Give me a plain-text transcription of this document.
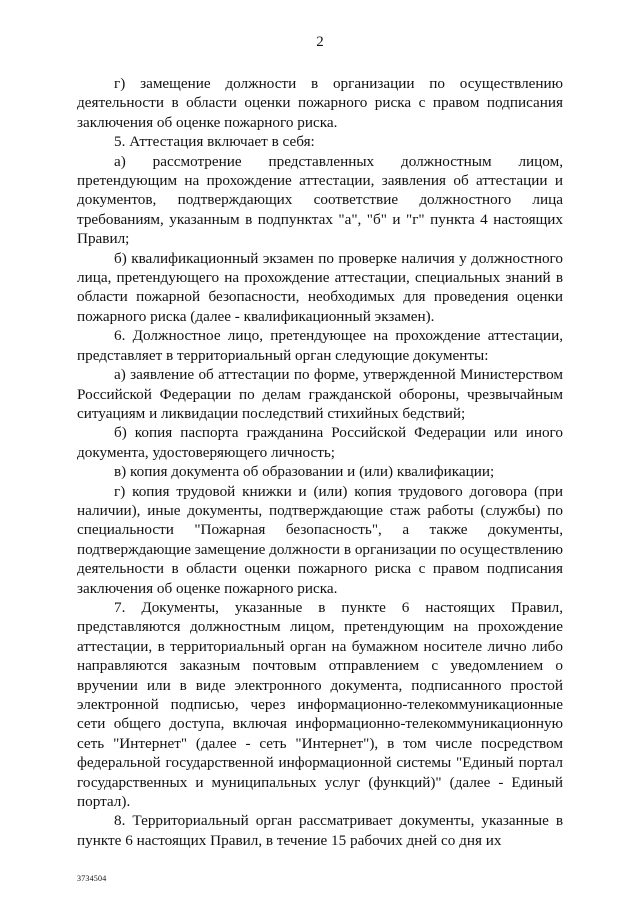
2

г) замещение должности в организации по осуществлению деятельности в области оценки пожарного риска с правом подписания заключения об оценке пожарного риска.

5. Аттестация включает в себя:

а) рассмотрение представленных должностным лицом, претендующим на прохождение аттестации, заявления об аттестации и документов, подтверждающих соответствие должностного лица требованиям, указанным в подпунктах "а", "б" и "г" пункта 4 настоящих Правил;

б) квалификационный экзамен по проверке наличия у должностного лица, претендующего на прохождение аттестации, специальных знаний в области пожарной безопасности, необходимых для проведения оценки пожарного риска (далее - квалификационный экзамен).

6. Должностное лицо, претендующее на прохождение аттестации, представляет в территориальный орган следующие документы:

а) заявление об аттестации по форме, утвержденной Министерством Российской Федерации по делам гражданской обороны, чрезвычайным ситуациям и ликвидации последствий стихийных бедствий;

б) копия паспорта гражданина Российской Федерации или иного документа, удостоверяющего личность;

в) копия документа об образовании и (или) квалификации;

г) копия трудовой книжки и (или) копия трудового договора (при наличии), иные документы, подтверждающие стаж работы (службы) по специальности "Пожарная безопасность", а также документы, подтверждающие замещение должности в организации по осуществлению деятельности в области оценки пожарного риска с правом подписания заключения об оценке пожарного риска.

7. Документы, указанные в пункте 6 настоящих Правил, представляются должностным лицом, претендующим на прохождение аттестации, в территориальный орган на бумажном носителе лично либо направляются заказным почтовым отправлением с уведомлением о вручении или в виде электронного документа, подписанного простой электронной подписью, через информационно-телекоммуникационные сети общего доступа, включая информационно-телекоммуникационную сеть "Интернет" (далее - сеть "Интернет"), в том числе посредством федеральной государственной информационной системы "Единый портал государственных и муниципальных услуг (функций)" (далее - Единый портал).

8. Территориальный орган рассматривает документы, указанные в пункте 6 настоящих Правил, в течение 15 рабочих дней со дня их

3734504
